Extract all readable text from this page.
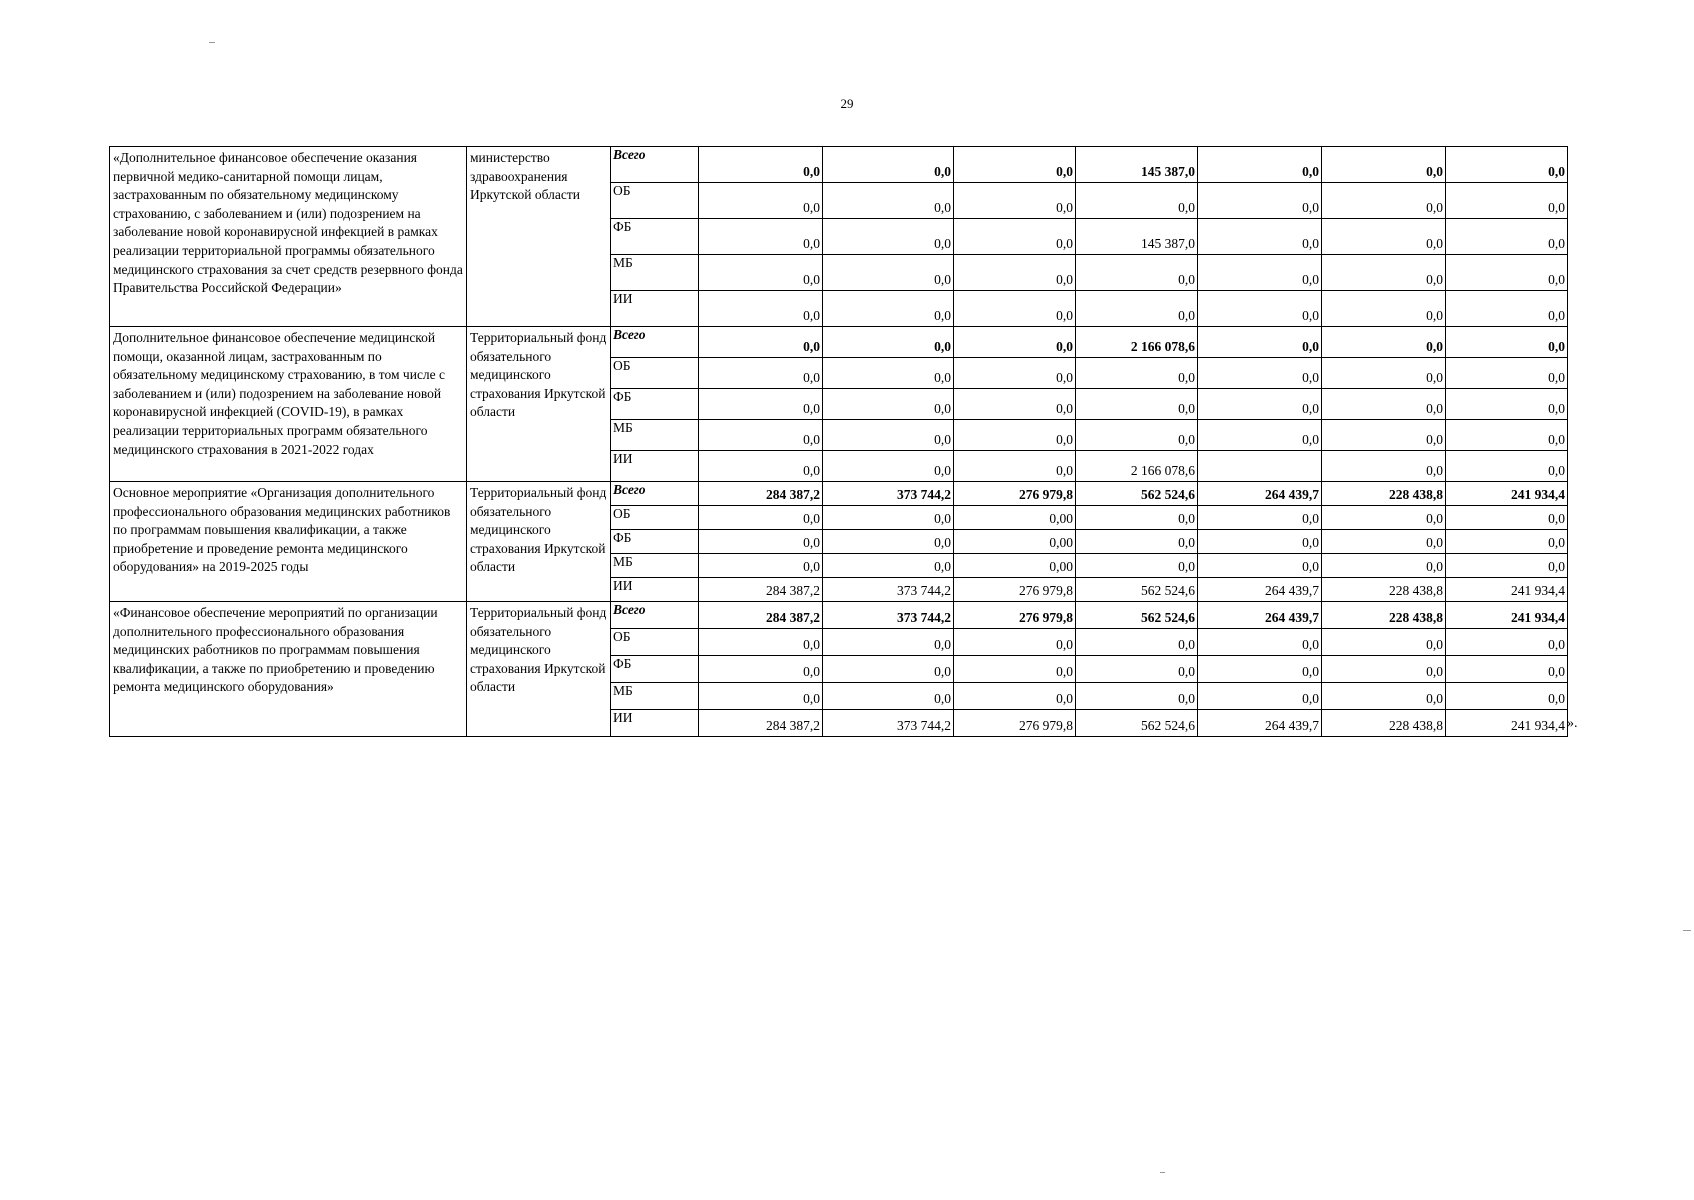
29
«Дополнительное финансовое обеспечение оказания первичной медико-санитарной помощи лицам, застрахованным по обязательному медицинскому страхованию, с заболеванием и (или) подозрением на заболевание новой коронавирусной инфекцией в рамках реализации территориальной программы обязательного медицинского страхования за счет средств резервного фонда Правительства Российской Федерации»	министерство здравоохранения Иркутской области	Всего	0,0	0,0	0,0	145 387,0	0,0	0,0	0,0
		ОБ	0,0	0,0	0,0	0,0	0,0	0,0	0,0
		ФБ	0,0	0,0	0,0	145 387,0	0,0	0,0	0,0
		МБ	0,0	0,0	0,0	0,0	0,0	0,0	0,0
		ИИ	0,0	0,0	0,0	0,0	0,0	0,0	0,0
Дополнительное финансовое обеспечение медицинской помощи, оказанной лицам, застрахованным по обязательному медицинскому страхованию, в том числе с заболеванием и (или) подозрением на заболевание новой коронавирусной инфекцией (COVID-19), в рамках реализации территориальных программ обязательного медицинского страхования в 2021-2022 годах	Территориальный фонд обязательного медицинского страхования Иркутской области	Всего	0,0	0,0	0,0	2 166 078,6	0,0	0,0	0,0
		ОБ	0,0	0,0	0,0	0,0	0,0	0,0	0,0
		ФБ	0,0	0,0	0,0	0,0	0,0	0,0	0,0
		МБ	0,0	0,0	0,0	0,0	0,0	0,0	0,0
		ИИ	0,0	0,0	0,0	2 166 078,6		0,0	0,0
Основное мероприятие «Организация дополнительного профессионального образования медицинских работников по программам повышения квалификации, а также приобретение и проведение ремонта медицинского оборудования» на 2019-2025 годы	Территориальный фонд обязательного медицинского страхования Иркутской области	Всего	284 387,2	373 744,2	276 979,8	562 524,6	264 439,7	228 438,8	241 934,4
		ОБ	0,0	0,0	0,00	0,0	0,0	0,0	0,0
		ФБ	0,0	0,0	0,00	0,0	0,0	0,0	0,0
		МБ	0,0	0,0	0,00	0,0	0,0	0,0	0,0
		ИИ	284 387,2	373 744,2	276 979,8	562 524,6	264 439,7	228 438,8	241 934,4
«Финансовое обеспечение мероприятий по организации дополнительного профессионального образования медицинских работников по программам повышения квалификации, а также по приобретению и проведению ремонта медицинского оборудования»	Территориальный фонд обязательного медицинского страхования Иркутской области	Всего	284 387,2	373 744,2	276 979,8	562 524,6	264 439,7	228 438,8	241 934,4
		ОБ	0,0	0,0	0,0	0,0	0,0	0,0	0,0
		ФБ	0,0	0,0	0,0	0,0	0,0	0,0	0,0
		МБ	0,0	0,0	0,0	0,0	0,0	0,0	0,0
		ИИ	284 387,2	373 744,2	276 979,8	562 524,6	264 439,7	228 438,8	241 934,4 ».
